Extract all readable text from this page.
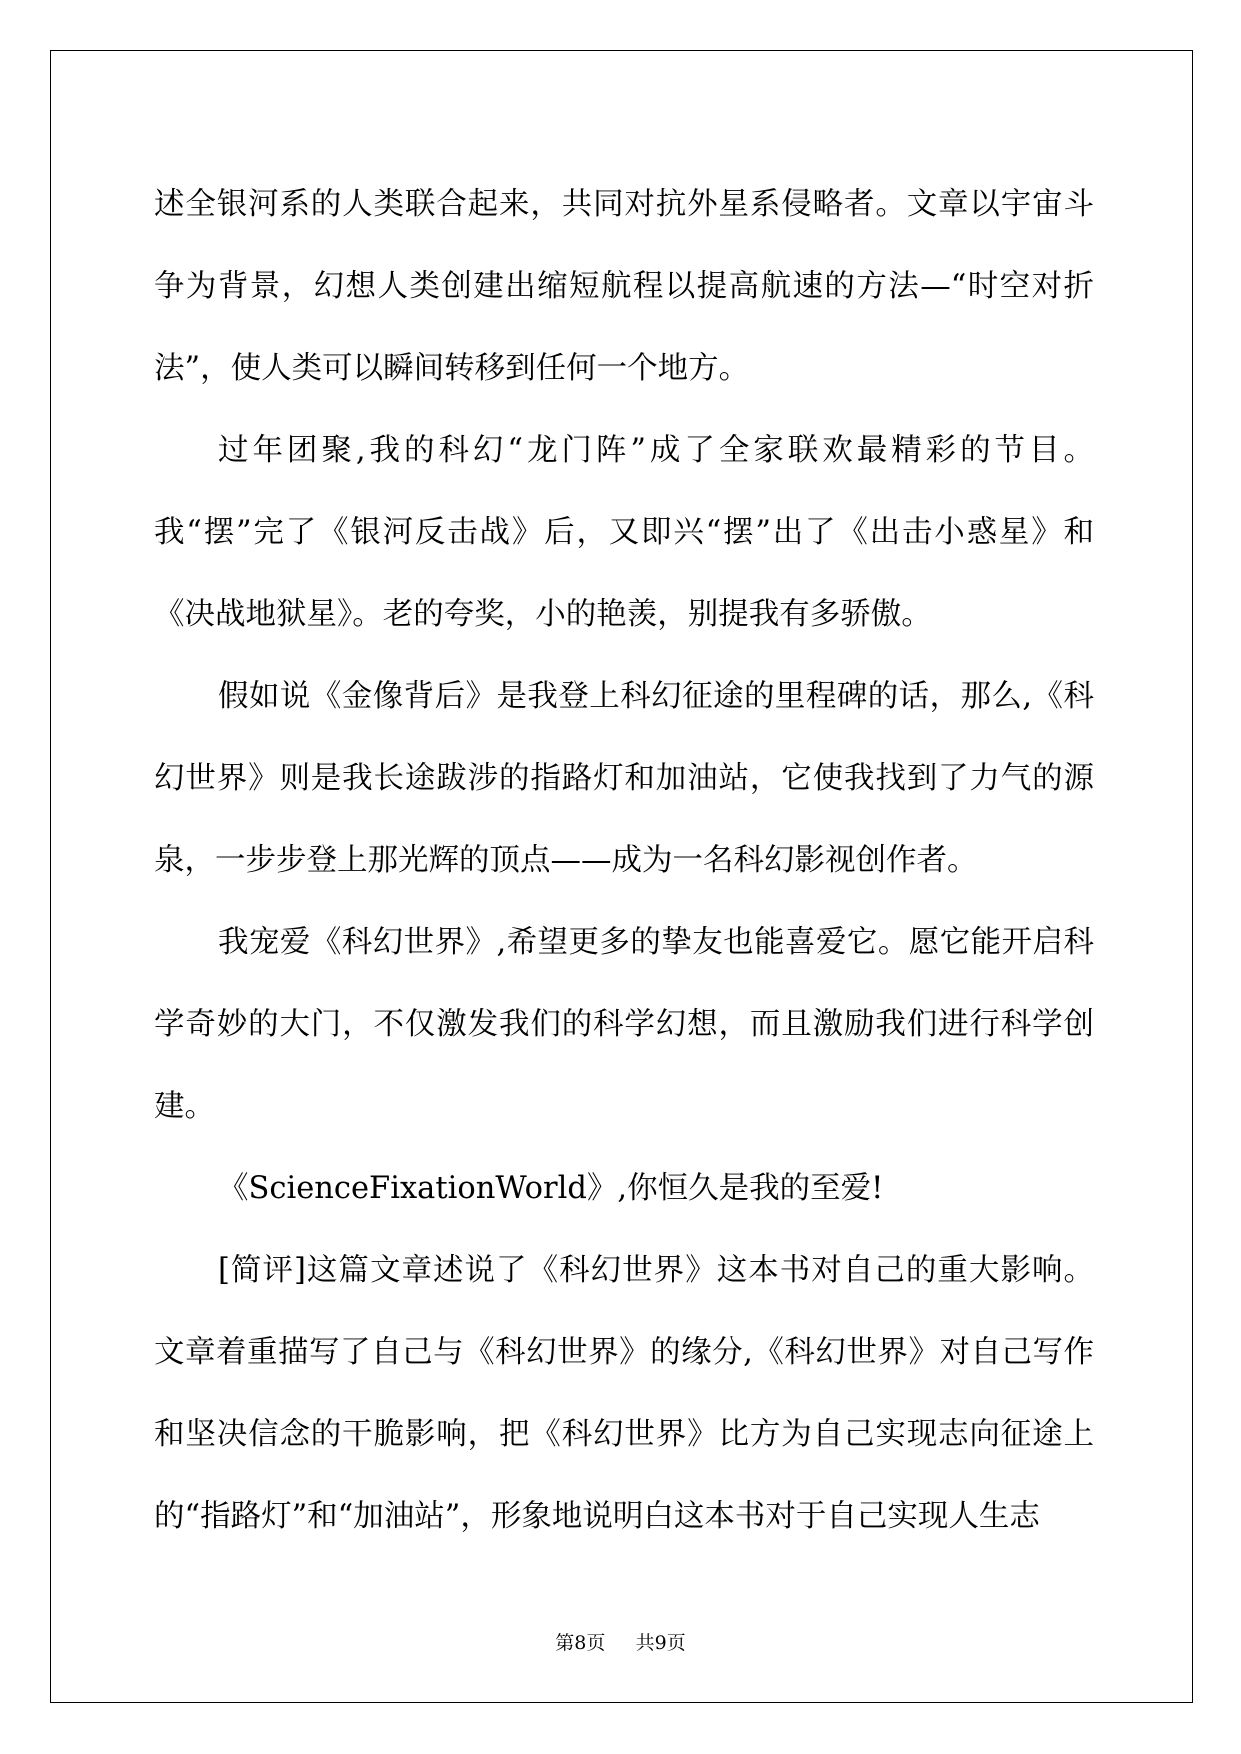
述全银河系的人类联合起来，共同对抗外星系侵略者。文章以宇宙斗争为背景，幻想人类创建出缩短航程以提高航速的方法—“时空对折法”，使人类可以瞬间转移到任何一个地方。

过年团聚,我的科幻“龙门阵”成了全家联欢最精彩的节目。我“摆”完了《银河反击战》后，又即兴“摆”出了《出击小惑星》和《决战地狱星》。老的夸奖，小的艳羡，别提我有多骄傲。

假如说《金像背后》是我登上科幻征途的里程碑的话，那么,《科幻世界》则是我长途跋涉的指路灯和加油站，它使我找到了力气的源泉，一步步登上那光辉的顶点——成为一名科幻影视创作者。

我宠爱《科幻世界》,希望更多的挚友也能喜爱它。愿它能开启科学奇妙的大门，不仅激发我们的科学幻想，而且激励我们进行科学创建。

《ScienceFixationWorld》,你恒久是我的至爱!

[简评]这篇文章述说了《科幻世界》这本书对自己的重大影响。文章着重描写了自己与《科幻世界》的缘分,《科幻世界》对自己写作和坚决信念的干脆影响，把《科幻世界》比方为自己实现志向征途上的“指路灯”和“加油站”，形象地说明白这本书对于自己实现人生志

第8页 共9页
